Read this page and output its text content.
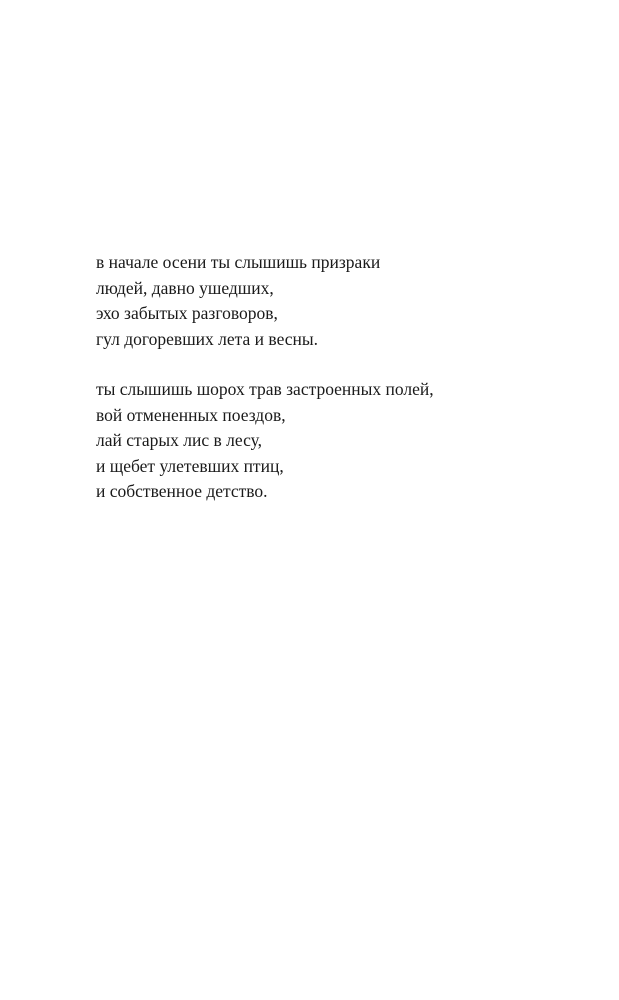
в начале осени ты слышишь призраки
людей, давно ушедших,
эхо забытых разговоров,
гул догоревших лета и весны.

ты слышишь шорох трав застроенных полей,
вой отмененных поездов,
лай старых лис в лесу,
и щебет улетевших птиц,
и собственное детство.
